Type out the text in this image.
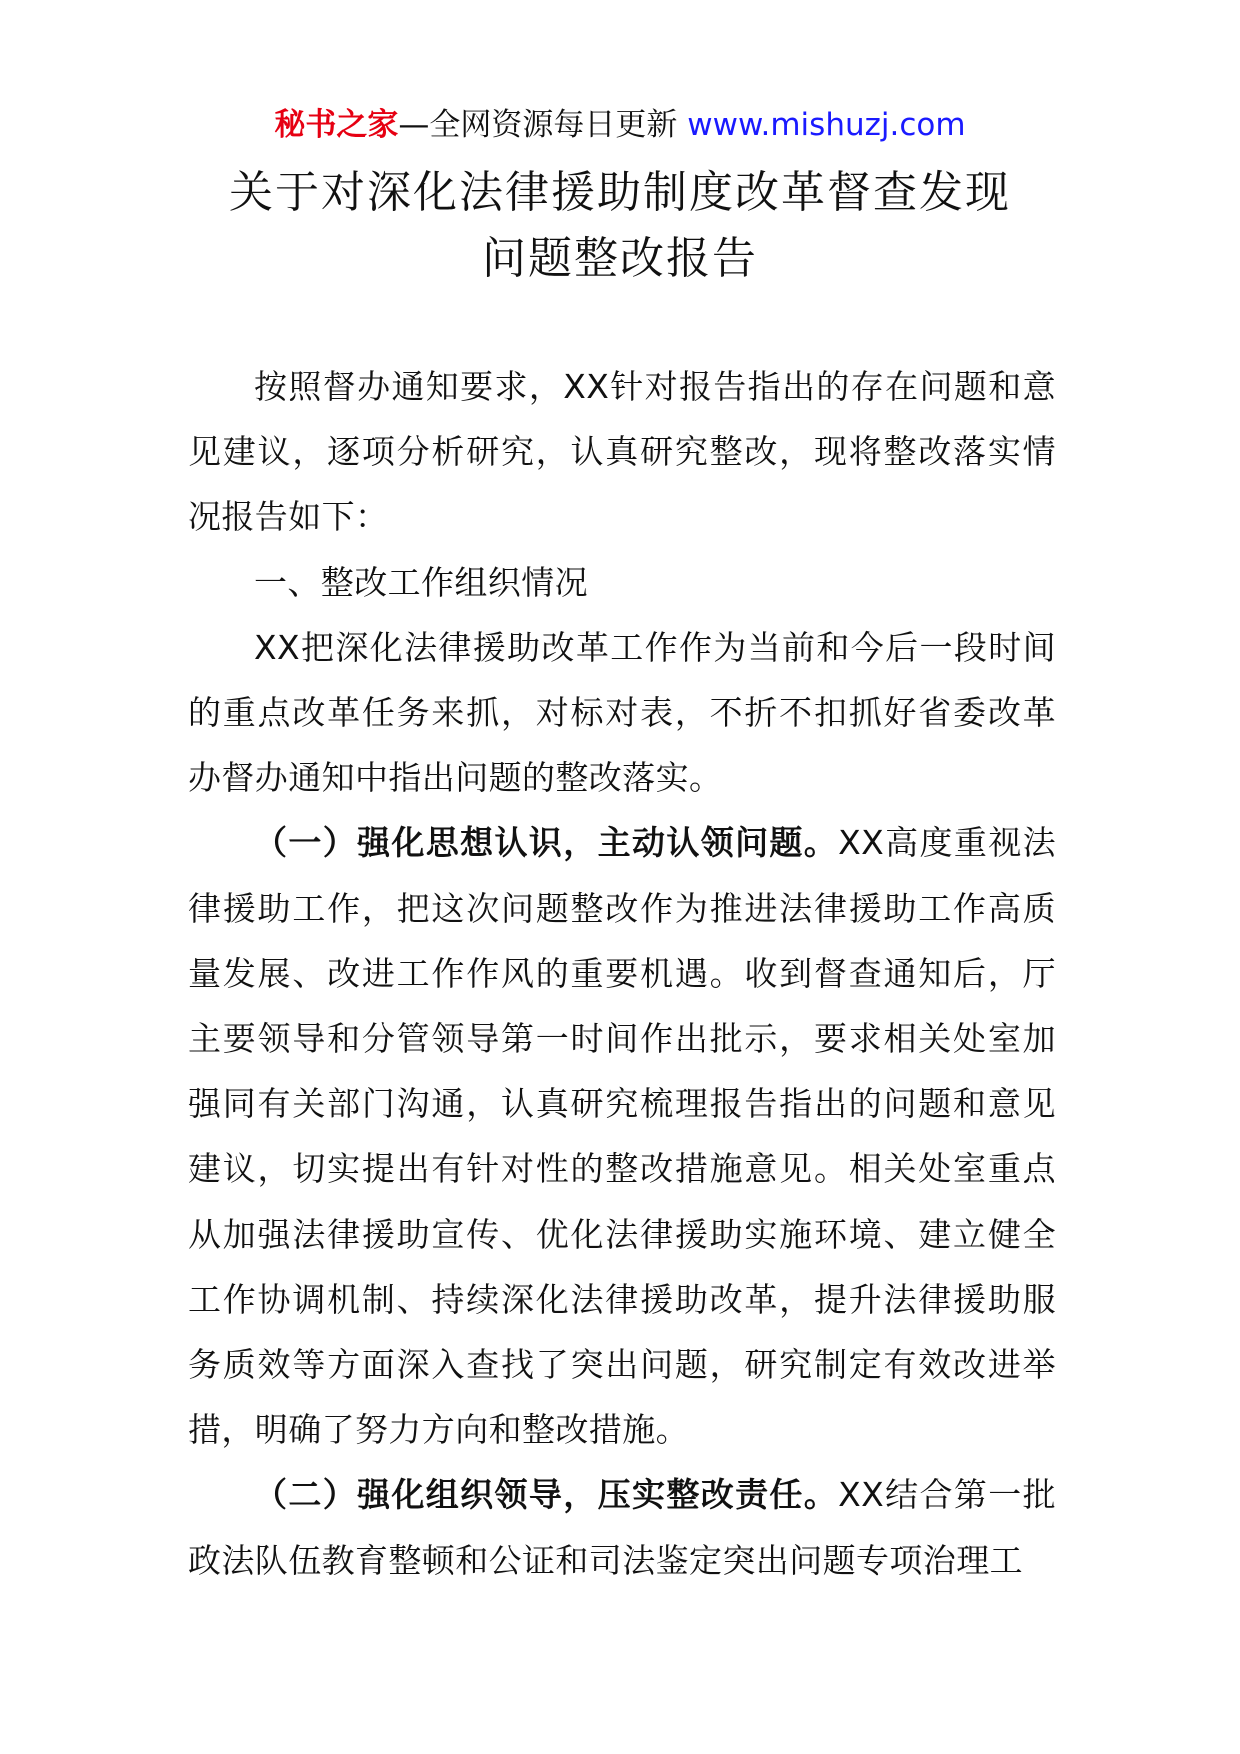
秘书之家—全网资源每日更新 www.mishuzj.com
关于对深化法律援助制度改革督查发现
问题整改报告

按照督办通知要求，XX针对报告指出的存在问题和意见建议，逐项分析研究，认真研究整改，现将整改落实情况报告如下：

一、整改工作组织情况

XX把深化法律援助改革工作作为当前和今后一段时间的重点改革任务来抓，对标对表，不折不扣抓好省委改革办督办通知中指出问题的整改落实。

（一）强化思想认识，主动认领问题。XX高度重视法律援助工作，把这次问题整改作为推进法律援助工作高质量发展、改进工作作风的重要机遇。收到督查通知后，厅主要领导和分管领导第一时间作出批示，要求相关处室加强同有关部门沟通，认真研究梳理报告指出的问题和意见建议，切实提出有针对性的整改措施意见。相关处室重点从加强法律援助宣传、优化法律援助实施环境、建立健全工作协调机制、持续深化法律援助改革，提升法律援助服务质效等方面深入查找了突出问题，研究制定有效改进举措，明确了努力方向和整改措施。

（二）强化组织领导，压实整改责任。XX结合第一批政法队伍教育整顿和公证和司法鉴定突出问题专项治理工
